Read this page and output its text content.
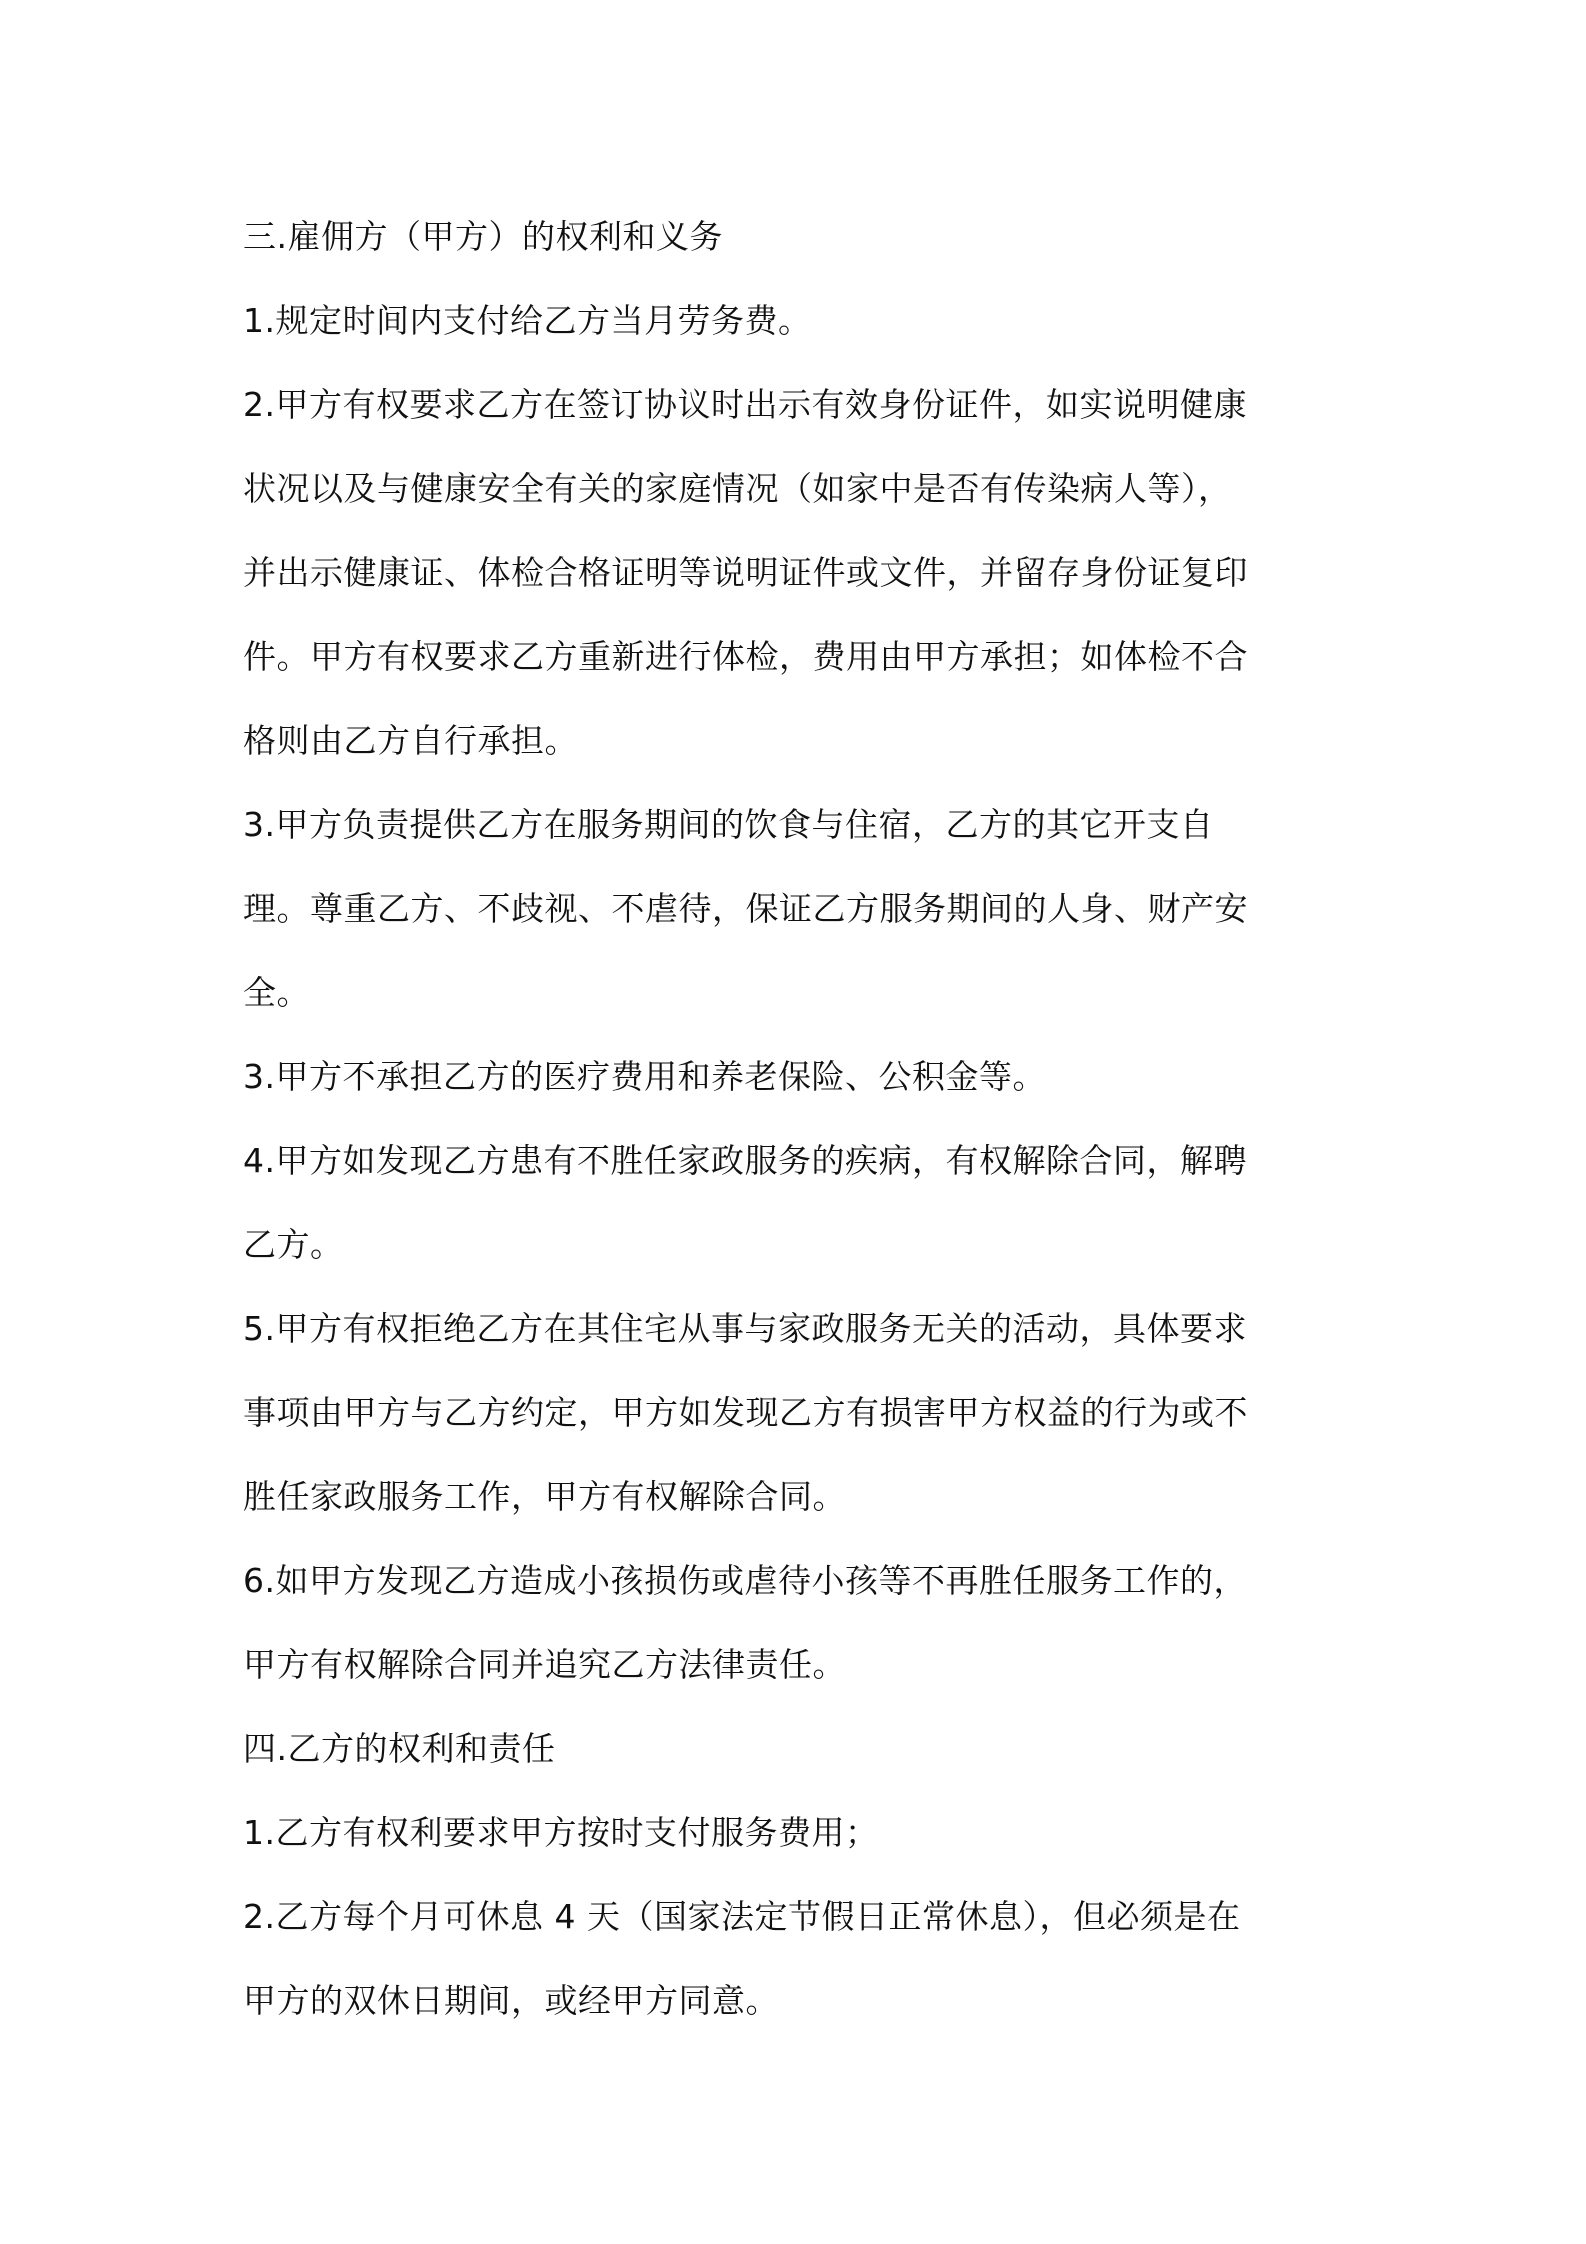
三.雇佣方（甲方）的权利和义务
1.规定时间内支付给乙方当月劳务费。
2.甲方有权要求乙方在签订协议时出示有效身份证件，如实说明健康
状况以及与健康安全有关的家庭情况（如家中是否有传染病人等），
并出示健康证、体检合格证明等说明证件或文件，并留存身份证复印
件。甲方有权要求乙方重新进行体检，费用由甲方承担；如体检不合
格则由乙方自行承担。
3.甲方负责提供乙方在服务期间的饮食与住宿，乙方的其它开支自
理。尊重乙方、不歧视、不虐待，保证乙方服务期间的人身、财产安
全。
3.甲方不承担乙方的医疗费用和养老保险、公积金等。
4.甲方如发现乙方患有不胜任家政服务的疾病，有权解除合同，解聘
乙方。
5.甲方有权拒绝乙方在其住宅从事与家政服务无关的活动，具体要求
事项由甲方与乙方约定，甲方如发现乙方有损害甲方权益的行为或不
胜任家政服务工作，甲方有权解除合同。
6.如甲方发现乙方造成小孩损伤或虐待小孩等不再胜任服务工作的，
甲方有权解除合同并追究乙方法律责任。
四.乙方的权利和责任
1.乙方有权利要求甲方按时支付服务费用；
2.乙方每个月可休息 4 天（国家法定节假日正常休息），但必须是在
甲方的双休日期间，或经甲方同意。
